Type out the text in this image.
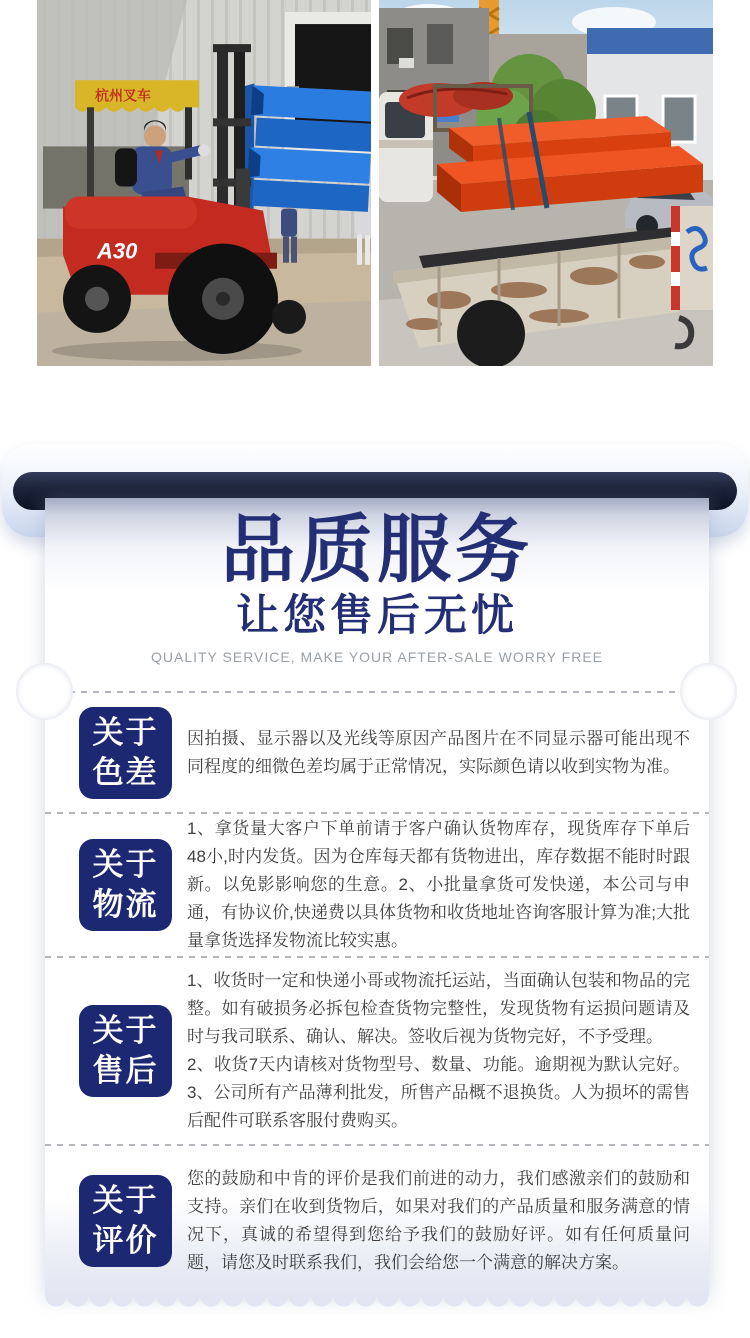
杭州叉车
A30
品质服务
让您售后无忧
QUALITY SERVICE, MAKE YOUR AFTER-SALE WORRY FREE
关于
色差

因拍摄、显示器以及光线等原因产品图片在不同显示器可能出现不同程度的细微色差均属于正常情况，实际颜色请以收到实物为准。

关于
物流

1、拿货量大客户下单前请于客户确认货物库存，现货库存下单后48小,时内发货。因为仓库每天都有货物进出，库存数据不能时时跟新。以免影影响您的生意。2、小批量拿货可发快递，本公司与申通，有协议价,快递费以具体货物和收货地址咨询客服计算为准;大批量拿货选择发物流比较实惠。

关于
售后

1、收货时一定和快递小哥或物流托运站，当面确认包装和物品的完整。如有破损务必拆包检查货物完整性，发现货物有运损问题请及时与我司联系、确认、解决。签收后视为货物完好，不予受理。

2、收货7天内请核对货物型号、数量、功能。逾期视为默认完好。3、公司所有产品薄利批发，所售产品概不退换货。人为损坏的需售后配件可联系客服付费购买。

关于
评价

您的鼓励和中肯的评价是我们前进的动力，我们感激亲们的鼓励和支持。亲们在收到货物后，如果对我们的产品质量和服务满意的情况下，真诚的希望得到您给予我们的鼓励好评。如有任何质量问题，请您及时联系我们，我们会给您一个满意的解决方案。
